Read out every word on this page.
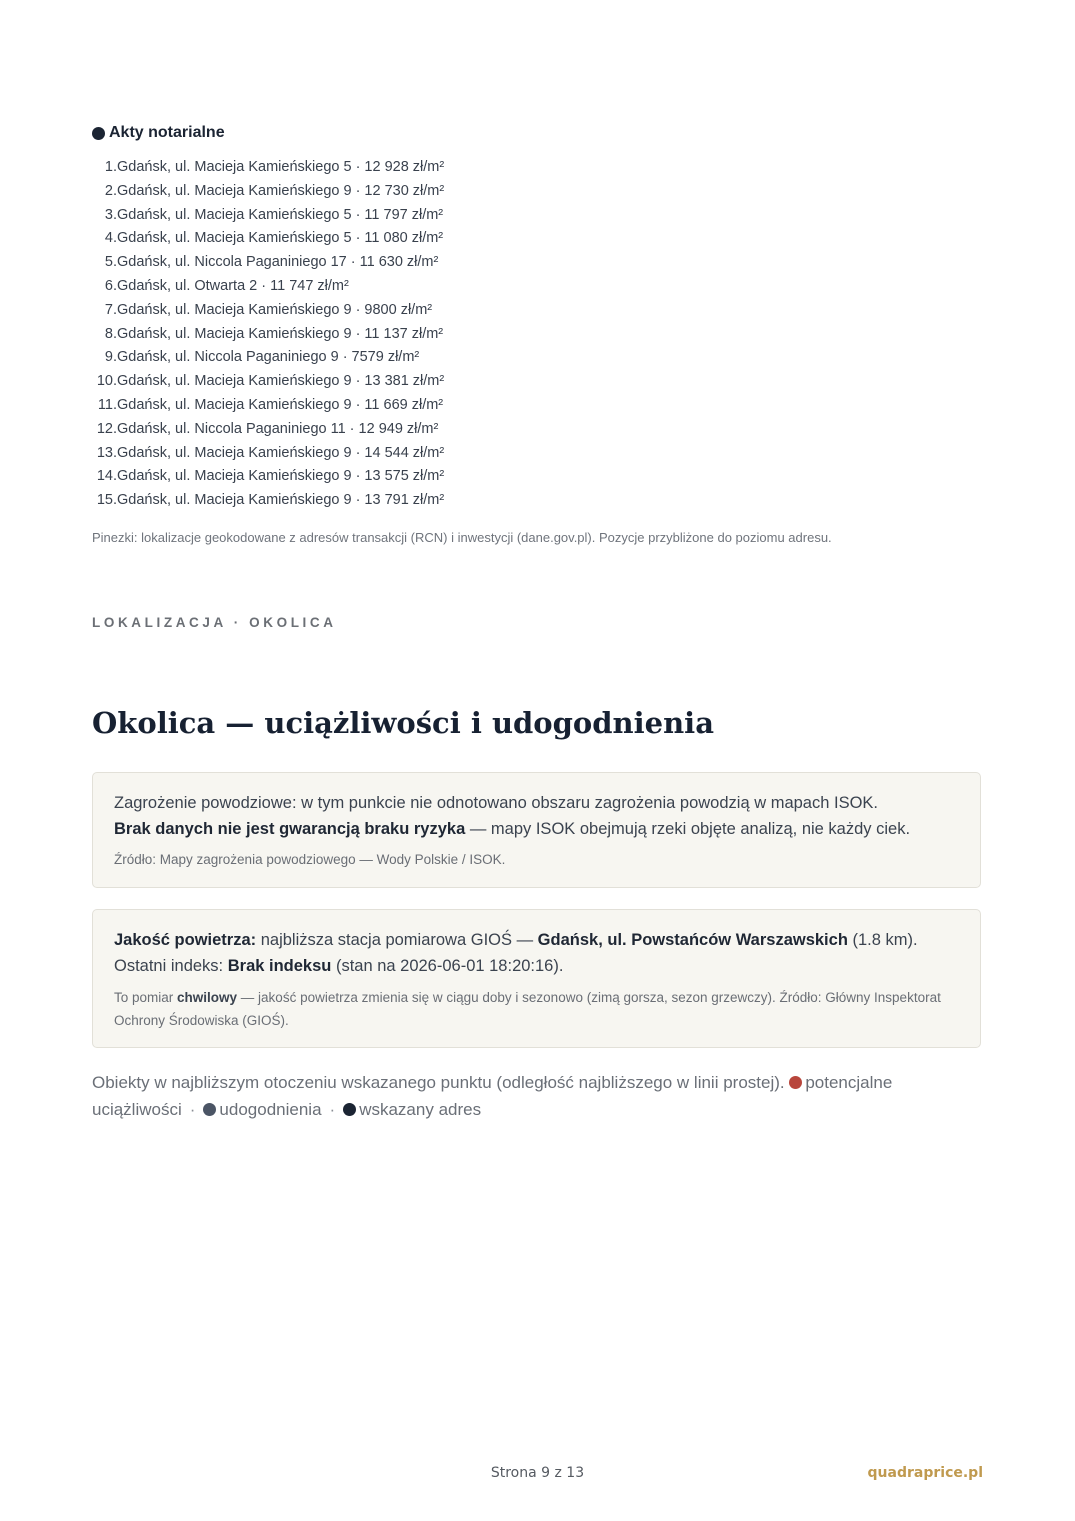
Akty notarialne
1. Gdańsk, ul. Macieja Kamieńskiego 5 · 12 928 zł/m²
2. Gdańsk, ul. Macieja Kamieńskiego 9 · 12 730 zł/m²
3. Gdańsk, ul. Macieja Kamieńskiego 5 · 11 797 zł/m²
4. Gdańsk, ul. Macieja Kamieńskiego 5 · 11 080 zł/m²
5. Gdańsk, ul. Niccola Paganiniego 17 · 11 630 zł/m²
6. Gdańsk, ul. Otwarta 2 · 11 747 zł/m²
7. Gdańsk, ul. Macieja Kamieńskiego 9 · 9800 zł/m²
8. Gdańsk, ul. Macieja Kamieńskiego 9 · 11 137 zł/m²
9. Gdańsk, ul. Niccola Paganiniego 9 · 7579 zł/m²
10. Gdańsk, ul. Macieja Kamieńskiego 9 · 13 381 zł/m²
11. Gdańsk, ul. Macieja Kamieńskiego 9 · 11 669 zł/m²
12. Gdańsk, ul. Niccola Paganiniego 11 · 12 949 zł/m²
13. Gdańsk, ul. Macieja Kamieńskiego 9 · 14 544 zł/m²
14. Gdańsk, ul. Macieja Kamieńskiego 9 · 13 575 zł/m²
15. Gdańsk, ul. Macieja Kamieńskiego 9 · 13 791 zł/m²
Pinezki: lokalizacje geokodowane z adresów transakcji (RCN) i inwestycji (dane.gov.pl). Pozycje przybliżone do poziomu adresu.
LOKALIZACJA · OKOLICA
Okolica — uciążliwości i udogodnienia
Zagrożenie powodziowe: w tym punkcie nie odnotowano obszaru zagrożenia powodzią w mapach ISOK.
Brak danych nie jest gwarancją braku ryzyka — mapy ISOK obejmują rzeki objęte analizą, nie każdy ciek.
Źródło: Mapy zagrożenia powodziowego — Wody Polskie / ISOK.
Jakość powietrza: najbliższa stacja pomiarowa GIOŚ — Gdańsk, ul. Powstańców Warszawskich (1.8 km).
Ostatni indeks: Brak indeksu (stan na 2026-06-01 18:20:16).
To pomiar chwilowy — jakość powietrza zmienia się w ciągu doby i sezonowo (zimą gorsza, sezon grzewczy). Źródło: Główny Inspektorat Ochrony Środowiska (GIOŚ).
Obiekty w najbliższym otoczeniu wskazanego punktu (odległość najbliższego w linii prostej). potencjalne uciążliwości · udogodnienia · wskazany adres
Strona 9 z 13	quadraprice.pl
